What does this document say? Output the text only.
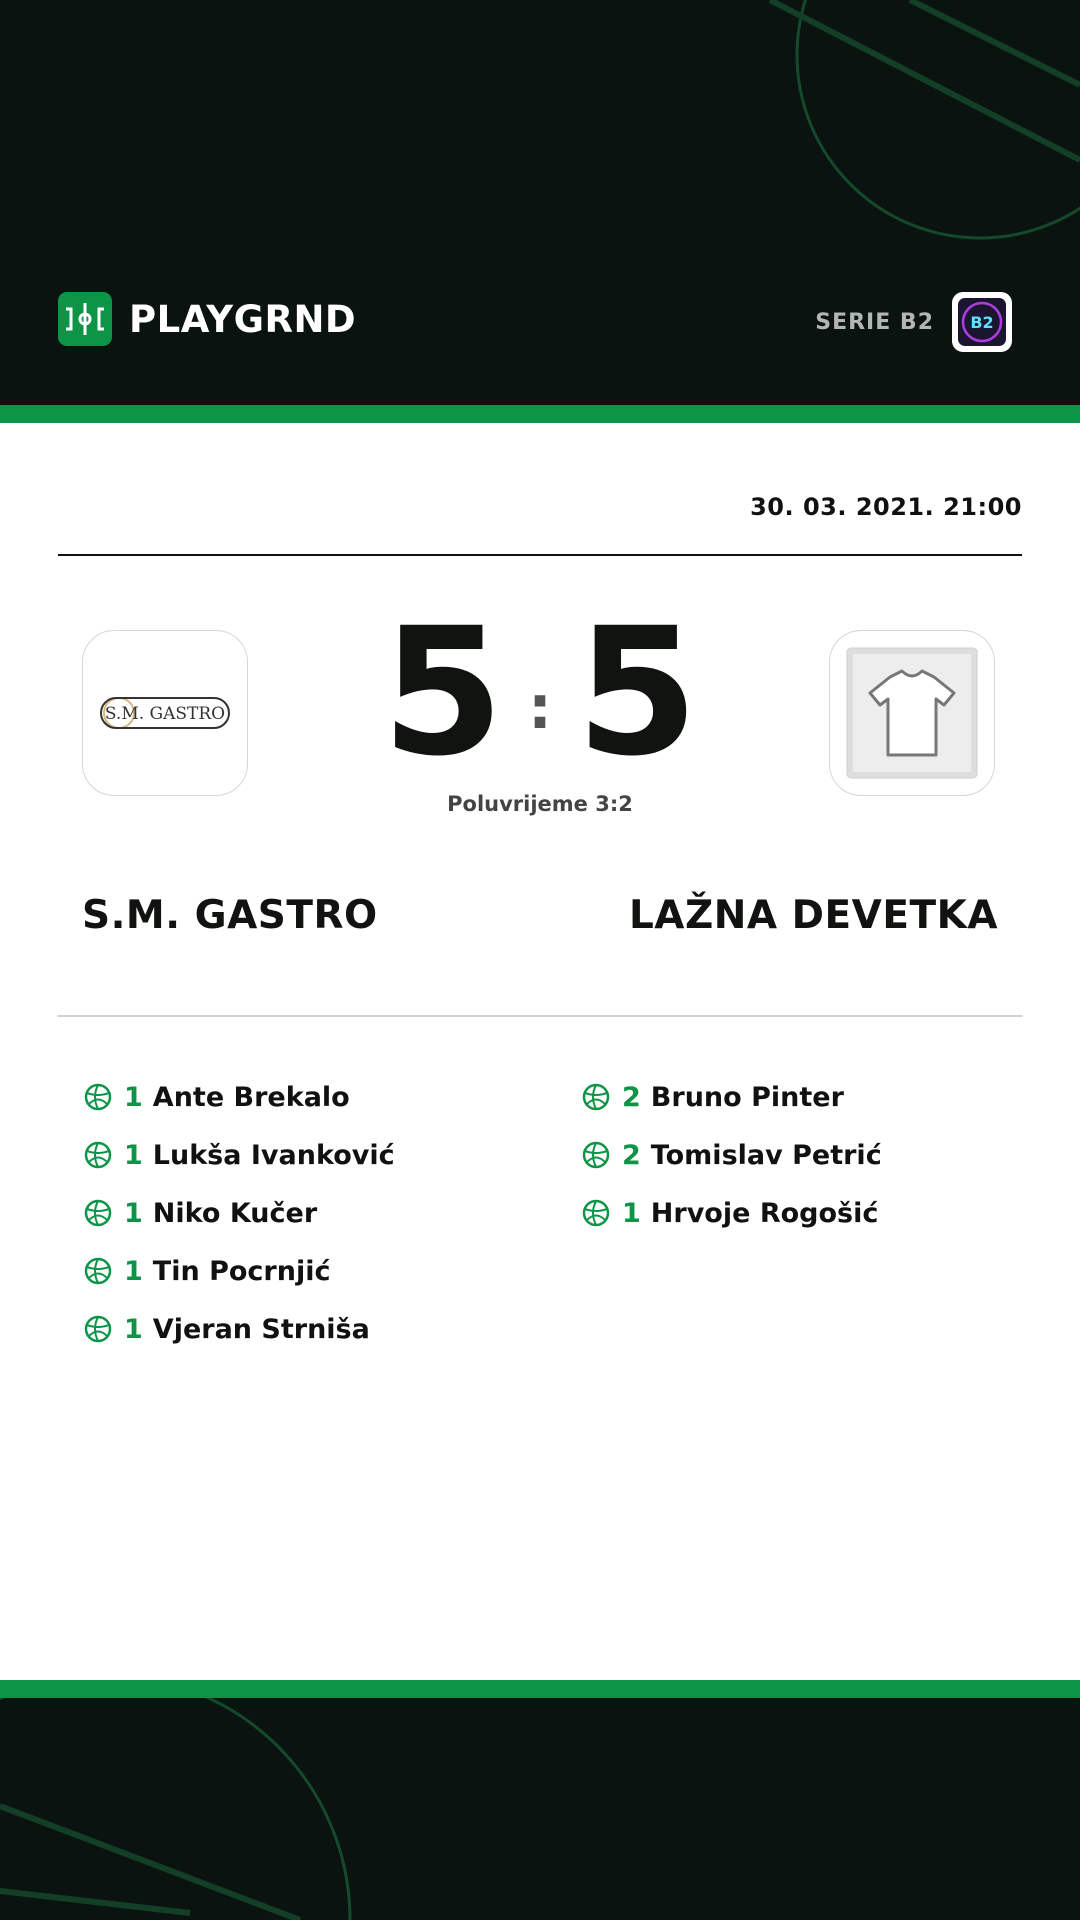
PLAYGRND	SERIE B2 B2
30. 03. 2021. 21:00
S.M. GASTRO 5 : 5
Poluvrijeme 3:2
S.M. GASTRO	LAŽNA DEVETKA
1 Ante Brekalo
1 Lukša Ivanković
1 Niko Kučer
1 Tin Pocrnjić
1 Vjeran Strniša
2 Bruno Pinter
2 Tomislav Petrić
1 Hrvoje Rogošić
